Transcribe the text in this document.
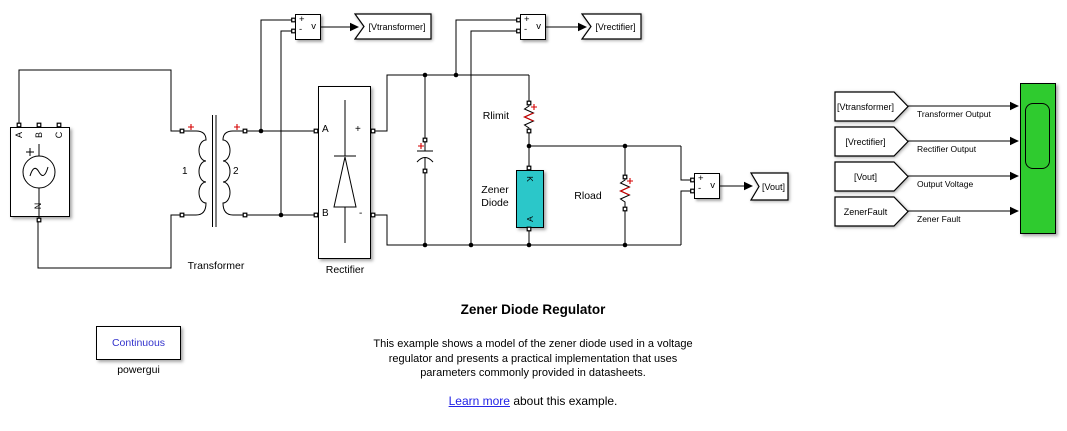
+
- v
+
- v
+
- v
Continuous
[Vtransformer]	[Vrectifier]
[Vout]
[Vtransformer]
[Vrectifier]
[Vout]
ZenerFault
A B C
N
1	2
A
B
+
-
K
A
Transformer	Rectifier
Rlimit
Rload
Zener
Diode
powergui
Transformer Output
Rectifier Output
Output Voltage
Zener Fault
Zener Diode Regulator
This example shows a model of the zener diode used in a voltage
regulator and presents a practical implementation that uses
parameters commonly provided in datasheets.
Learn more about this example.
